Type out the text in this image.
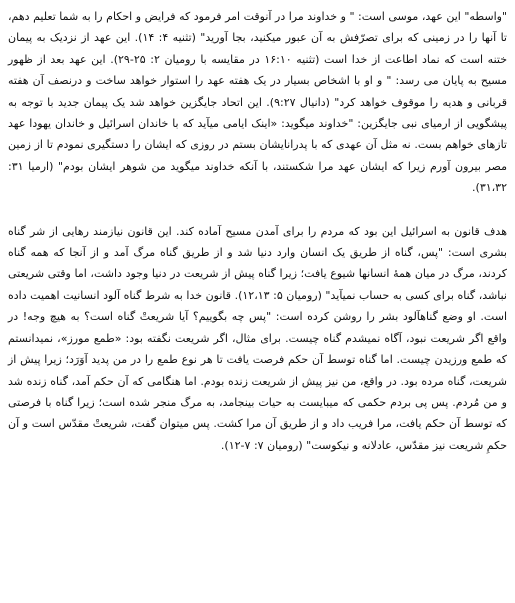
"واسطه" این عهد، موسی است: " و خداوند مرا در آنوقت امر فرمود که فرایض و احکام را به شما تعلیم دهم، تا آنها را در زمینی که برای تصرّفش به آن عبور میکنید، بجا آورید" (تثنیه ۴: ۱۴). این عهد از نزدیک به پیمان ختنه است که نماد اطاعت از خدا است (تثنیه ۱۶:۱۰ در مقایسه با رومیان ۲: ۲۵-۲۹). این عهد بعد از ظهور مسیح به پایان می رسد: " و او با اشخاص بسیار در یک هفته عهد را استوار خواهد ساخت و درنصف آن هفته قربانی و هدیه را موقوف خواهد کرد" (دانیال ۹:۲۷). این اتحاد جایگزین خواهد شد یک پیمان جدید با توجه به پیشگویی از ارمیای نبی جایگزین: "خداوند میگوید: «اینک ایامی میآید که با خاندان اسرائیل و خاندان یهودا عهد تازهای خواهم بست. نه مثل آن عهدی که با پدرانایشان بستم در روزی که ایشان را دستگیری نمودم تا از زمین مصر بیرون آورم زیرا که ایشان عهد مرا شکستند، با آنکه خداوند میگوید من شوهر ایشان بودم" (ارمیا ۳۱: ۳۱،۳۲).

هدف قانون به اسرائیل این بود که مردم را برای آمدن مسیح آماده کند. این قانون نیازمند رهایی از شر گناه بشری است: "پس، گناه از طریق یک انسان وارد دنیا شد و از طریق گناه مرگ آمد و از آنجا که همه گناه کردند، مرگ در میان همهٔ انسانها شیوع یافت؛ زیرا گناه پیش از شریعت در دنیا وجود داشت، اما وقتی شریعتی نباشد، گناه برای کسی به حساب نمیآید" (رومیان ۵: ۱۲،۱۳). قانون خدا به شرط گناه آلود انسانیت اهمیت داده است. او وضع گناهآلود بشر را روشن کرده است: "پس چه بگوییم؟ آیا شریعتْ گناه است؟ به هیچ وجه! در واقع اگر شریعت نبود، آگاه نمیشدم گناه چیست. برای مثال، اگر شریعت نگفته بود: «طمع مورز»، نمیدانستم که طمع ورزیدن چیست. اما گناه توسط آن حکم فرصت یافت تا هر نوع طمع را در من پدید آوَرَد؛ زیرا پیش از شریعت، گناه مرده بود. در واقع، من نیز پیش از شریعت زنده بودم. اما هنگامی که آن حکم آمد، گناه زنده شد و من مُردم. پس پی بردم حکمی که میبایست به حیات بینجامد، به مرگ منجر شده است؛ زیرا گناه با فرصتی که توسط آن حکم یافت، مرا فریب داد و از طریق آن مرا کشت. پس میتوان گفت، شریعتْ مقدّس است و آن حکمِ شریعت نیز مقدّس، عادلانه و نیکوست" (رومیان ۷: ۷-۱۲).
